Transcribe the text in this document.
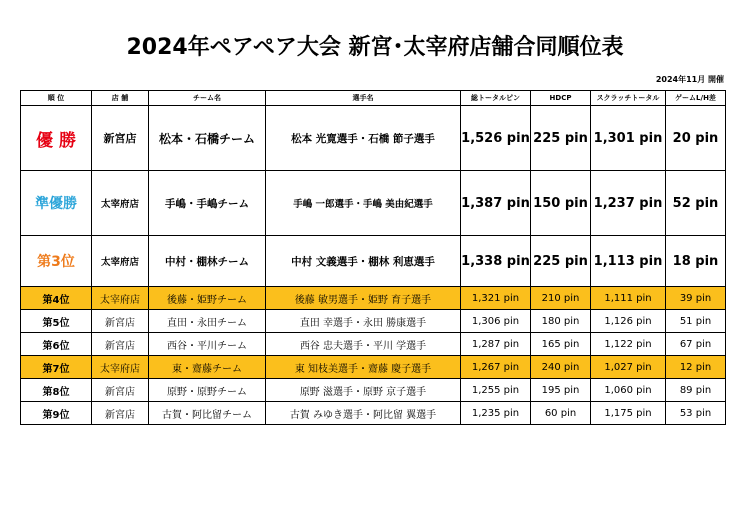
2024年ペアペア大会 新宮･太宰府店舗合同順位表
2024年11月 開催
順 位	店 舗	チーム名	選手名	総トータルピン	HDCP	スクラッチトータル	ゲームL/H差
優 勝	新宮店	松本・石橋チーム	松本 光寛選手・石橋 節子選手	1,526 pin	225 pin	1,301 pin	20 pin
準優勝	太宰府店	手嶋・手嶋チーム	手嶋 一郎選手・手嶋 美由紀選手	1,387 pin	150 pin	1,237 pin	52 pin
第3位	太宰府店	中村・棚林チーム	中村 文義選手・棚林 利恵選手	1,338 pin	225 pin	1,113 pin	18 pin
第4位	太宰府店	後藤・姫野チーム	後藤 敏男選手・姫野 育子選手	1,321 pin	210 pin	1,111 pin	39 pin
第5位	新宮店	直田・永田チーム	直田 幸選手・永田 勝康選手	1,306 pin	180 pin	1,126 pin	51 pin
第6位	新宮店	西谷・平川チーム	西谷 忠夫選手・平川 学選手	1,287 pin	165 pin	1,122 pin	67 pin
第7位	太宰府店	東・齋藤チーム	東 知枝美選手・齋藤 慶子選手	1,267 pin	240 pin	1,027 pin	12 pin
第8位	新宮店	原野・原野チーム	原野 滋選手・原野 京子選手	1,255 pin	195 pin	1,060 pin	89 pin
第9位	新宮店	古賀・阿比留チーム	古賀 みゆき選手・阿比留 翼選手	1,235 pin	60 pin	1,175 pin	53 pin
